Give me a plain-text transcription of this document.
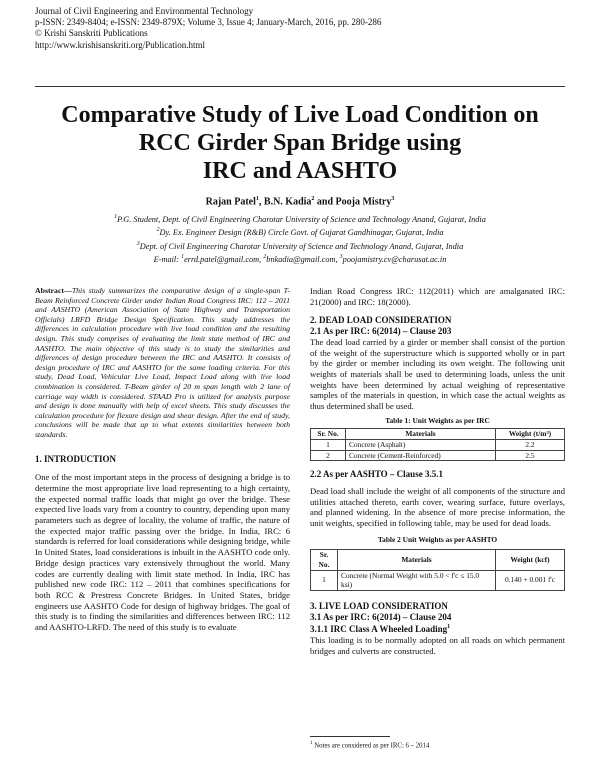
Journal of Civil Engineering and Environmental Technology
p-ISSN: 2349-8404; e-ISSN: 2349-879X; Volume 3, Issue 4; January-March, 2016, pp. 280-286
© Krishi Sanskriti Publications
http://www.krishisanskriti.org/Publication.html
Comparative Study of Live Load Condition on
RCC Girder Span Bridge using
IRC and AASHTO
Rajan Patel$^1$, B.N. Kadia$^2$ and Pooja Mistry$^3$
$^1$P.G. Student, Dept. of Civil Engineering Charotar University of Science and Technology Anand, Gujarat, India
$^2$Dy. Ex. Engineer Design (R&B) Circle Govt. of Gujarat Gandhinagar, Gujarat, India
$^3$Dept. of Civil Engineering Charotar University of Science and Technology Anand, Gujarat, India
E-mail: $^1$errd.patel@gmail.com, $^2$bnkadia@gmail.com, $^3$poojamistry.cv@charusat.ac.in
Abstract—This study summarizes the comparative design of a single-span T-Beam Reinforced Concrete Girder under Indian Road Congress IRC: 112 – 2011 and AASHTO (American Association of State Highway and Transportation Officials) LRFD Bridge Design Specification. This study addresses the differences in calculation procedure with live load condition and the resulting design. This study comprises of evaluating the limit state method of IRC and AASHTO. The main objective of this study is to study the similarities and differences of design procedure between the IRC and AASHTO. It consists of design procedure of IRC and AASHTO for the same loading criteria. For this study, Dead Load, Vehicular Live Load, Impact Load along with live load combination is considered. T-Beam girder of 20 m span length with 2 lane of carriage way width is considered. STAAD Pro is utilized for analysis purpose and design is done manually with help of excel sheets. This study discusses the calculation procedure for flexure design and shear design. After the end of study, conclusions will be made that up to what extents similarities between both standards.
1. INTRODUCTION
One of the most important steps in the process of designing a bridge is to determine the most appropriate live load representing to a high certainty, the expected normal traffic loads that might go over the bridge. These expected live loads vary from a country to country, depending upon many parameters such as degree of locality, the volume of traffic, the nature of the expected major traffic passing over the bridge. In India, IRC: 6 standards is referred for load considerations while designing bridge, while In United States, load considerations is inbuilt in the AASHTO code only. Bridge design practices vary extensively throughout the world. Many codes are currently dealing with limit state method. In India, IRC has published new code IRC: 112 – 2011 that combines specifications for both RCC & Prestress Concrete Bridges. In United States, bridge engineers use AASHTO Code for design of highway bridges. The goal of this study is to finding the similarities and differences between IRC: 112 and AASHTO-LRFD. The need of this study is to evaluate
Indian Road Congress IRC: 112(2011) which are amalganated IRC: 21(2000) and IRC: 18(2000).
2. DEAD LOAD CONSIDERATION
2.1 As per IRC: 6(2014) – Clause 203
The dead load carried by a girder or member shall consist of the portion of the weight of the superstructure which is supported wholly or in part by the girder or member including its own weight. The following unit weights of materials shall be used to determining loads, unless the unit weights have been determined by actual weighing of representative samples of the materials in question, in which case the actual weights as thus determined shall be used.
Table 1: Unit Weights as per IRC
Sr. No.	Materials	Weight (t/m³)
1	Concrete (Asphalt)	2.2
2	Concrete (Cement-Reinforced)	2.5
2.2 As per AASHTO – Clause 3.5.1
Dead load shall include the weight of all components of the structure and utilities attached thereto, earth cover, wearing surface, future overlays, and planned widening. In the absence of more precise information, the unit weights, specified in following table, may be used for dead loads.
Table 2 Unit Weights as per AASHTO
Sr. No.	Materials	Weight (kcf)
1	Concrete (Normal Weight with 5.0 < f'c ≤ 15.0 ksi)	0.140 + 0.001 f'c
3. LIVE LOAD CONSIDERATION
3.1 As per IRC: 6(2014) – Clause 204
3.1.1 IRC Class A Wheeled Loading$^1$
This loading is to be normally adopted on all roads on which permanent bridges and culverts are constructed.
$^1$ Notes are considered as per IRC: 6 – 2014
